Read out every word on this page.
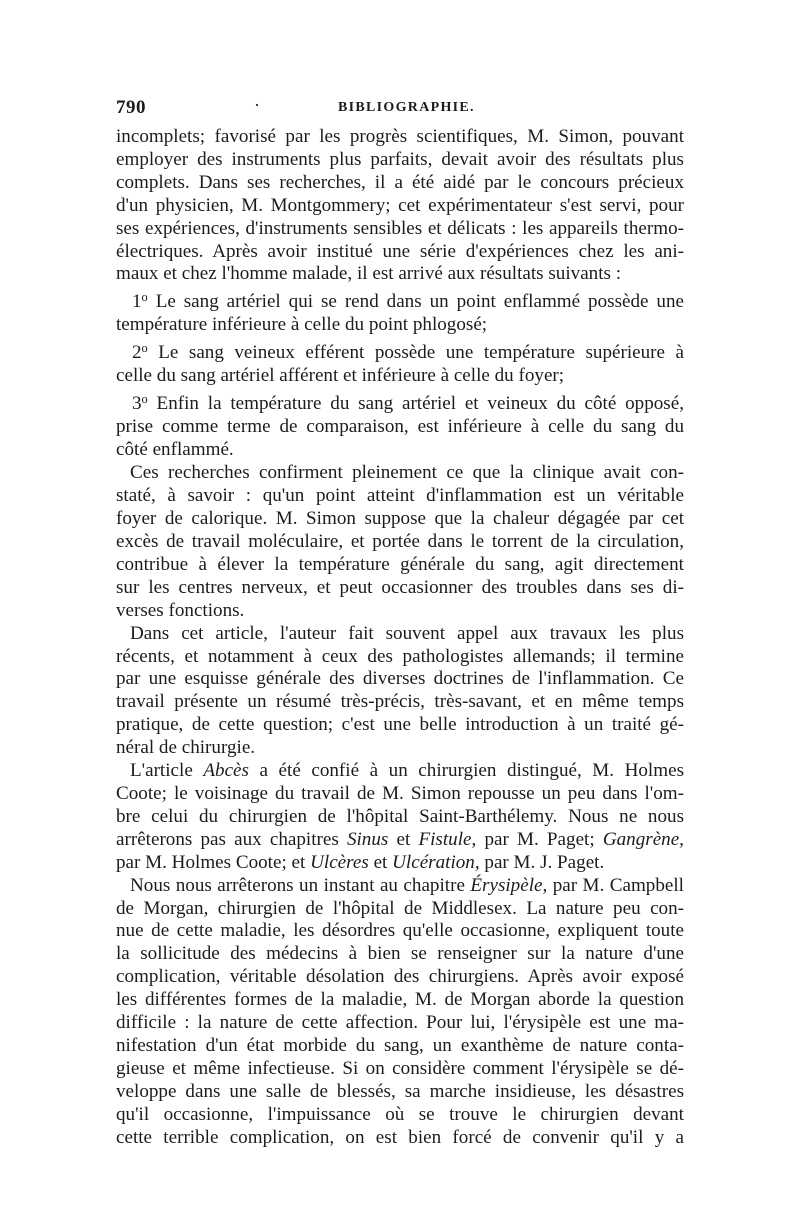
790	·	BIBLIOGRAPHIE.

incomplets; favorisé par les progrès scientifiques, M. Simon, pouvant

employer des instruments plus parfaits, devait avoir des résultats plus

complets. Dans ses recherches, il a été aidé par le concours précieux

d'un physicien, M. Montgommery; cet expérimentateur s'est servi, pour

ses expériences, d'instruments sensibles et délicats : les appareils thermo-

électriques. Après avoir institué une série d'expériences chez les ani-

maux et chez l'homme malade, il est arrivé aux résultats suivants :

1$^o$ Le sang artériel qui se rend dans un point enflammé possède une

température inférieure à celle du point phlogosé;

2$^o$ Le sang veineux efférent possède une température supérieure à

celle du sang artériel afférent et inférieure à celle du foyer;

3$^o$ Enfin la température du sang artériel et veineux du côté opposé,

prise comme terme de comparaison, est inférieure à celle du sang du

côté enflammé.

Ces recherches confirment pleinement ce que la clinique avait con-

staté, à savoir : qu'un point atteint d'inflammation est un véritable

foyer de calorique. M. Simon suppose que la chaleur dégagée par cet

excès de travail moléculaire, et portée dans le torrent de la circulation,

contribue à élever la température générale du sang, agit directement

sur les centres nerveux, et peut occasionner des troubles dans ses di-

verses fonctions.

Dans cet article, l'auteur fait souvent appel aux travaux les plus

récents, et notamment à ceux des pathologistes allemands; il termine

par une esquisse générale des diverses doctrines de l'inflammation. Ce

travail présente un résumé très-précis, très-savant, et en même temps

pratique, de cette question; c'est une belle introduction à un traité gé-

néral de chirurgie.

L'article Abcès a été confié à un chirurgien distingué, M. Holmes

Coote; le voisinage du travail de M. Simon repousse un peu dans l'om-

bre celui du chirurgien de l'hôpital Saint-Barthélemy. Nous ne nous

arrêterons pas aux chapitres Sinus et Fistule, par M. Paget; Gangrène,

par M. Holmes Coote; et Ulcères et Ulcération, par M. J. Paget.

Nous nous arrêterons un instant au chapitre Érysipèle, par M. Campbell

de Morgan, chirurgien de l'hôpital de Middlesex. La nature peu con-

nue de cette maladie, les désordres qu'elle occasionne, expliquent toute

la sollicitude des médecins à bien se renseigner sur la nature d'une

complication, véritable désolation des chirurgiens. Après avoir exposé

les différentes formes de la maladie, M. de Morgan aborde la question

difficile : la nature de cette affection. Pour lui, l'érysipèle est une ma-

nifestation d'un état morbide du sang, un exanthème de nature conta-

gieuse et même infectieuse. Si on considère comment l'érysipèle se dé-

veloppe dans une salle de blessés, sa marche insidieuse, les désastres

qu'il occasionne, l'impuissance où se trouve le chirurgien devant

cette terrible complication, on est bien forcé de convenir qu'il y a
